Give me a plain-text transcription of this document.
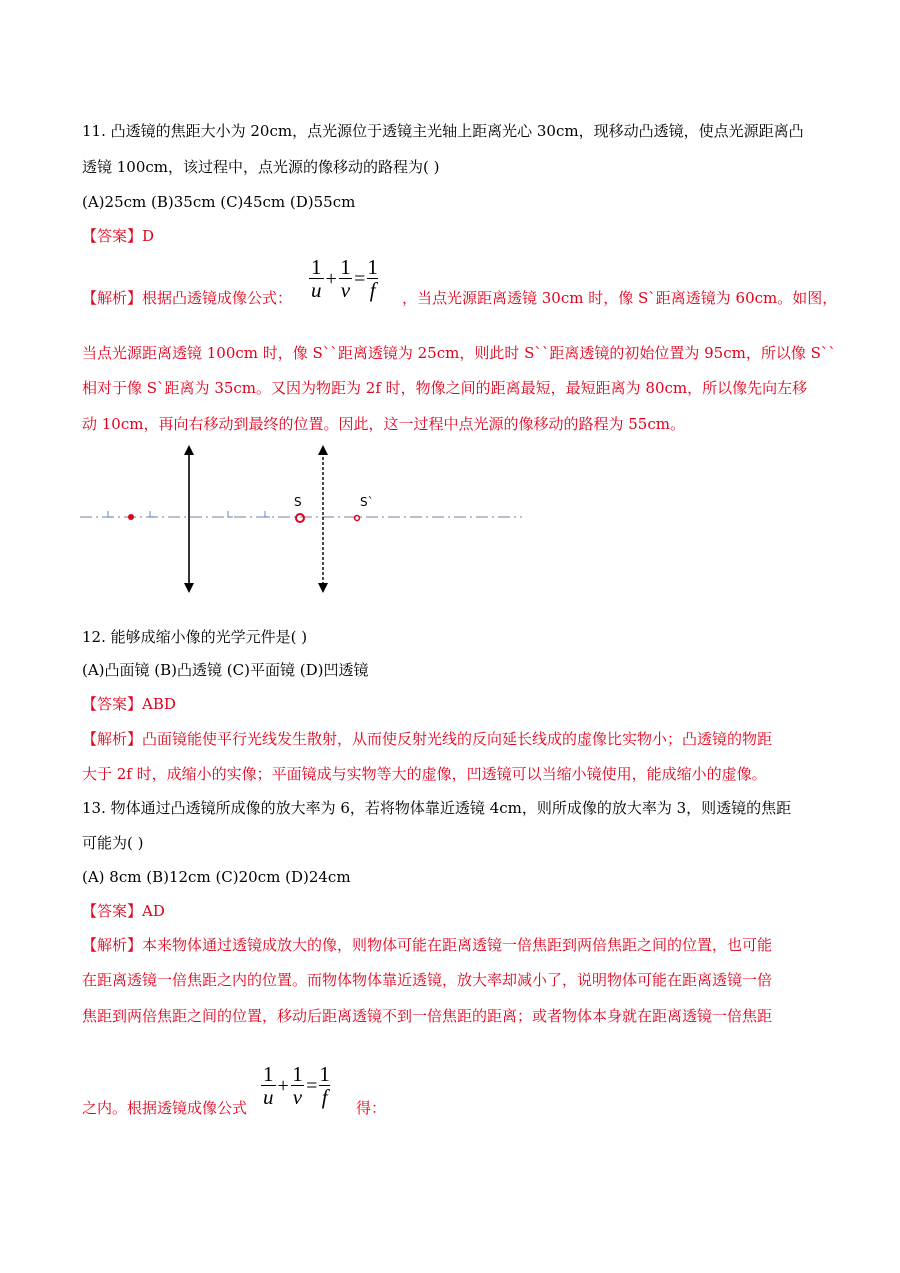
11. 凸透镜的焦距大小为 20cm，点光源位于透镜主光轴上距离光心 30cm，现移动凸透镜，使点光源距离凸
透镜 100cm，该过程中，点光源的像移动的路程为( )
(A)25cm (B)35cm (C)45cm (D)55cm
【答案】D
【解析】根据凸透镜成像公式： $\frac{1}{u} + \frac{1}{v} = \frac{1}{f}$ ，当点光源距离透镜 30cm 时，像 S`距离透镜为 60cm。如图，
当点光源距离透镜 100cm 时，像 S``距离透镜为 25cm，则此时 S``距离透镜的初始位置为 95cm，所以像 S``
相对于像 S`距离为 35cm。又因为物距为 2f 时，物像之间的距离最短，最短距离为 80cm，所以像先向左移
动 10cm，再向右移动到最终的位置。因此，这一过程中点光源的像移动的路程为 55cm。
S	S`
12. 能够成缩小像的光学元件是( )
(A)凸面镜 (B)凸透镜 (C)平面镜 (D)凹透镜
【答案】ABD
【解析】凸面镜能使平行光线发生散射，从而使反射光线的反向延长线成的虚像比实物小；凸透镜的物距
大于 2f 时，成缩小的实像；平面镜成与实物等大的虚像，凹透镜可以当缩小镜使用，能成缩小的虚像。
13. 物体通过凸透镜所成像的放大率为 6，若将物体靠近透镜 4cm，则所成像的放大率为 3，则透镜的焦距
可能为( )
(A) 8cm (B)12cm (C)20cm (D)24cm
【答案】AD
【解析】本来物体通过透镜成放大的像，则物体可能在距离透镜一倍焦距到两倍焦距之间的位置，也可能
在距离透镜一倍焦距之内的位置。而物体物体靠近透镜，放大率却减小了，说明物体可能在距离透镜一倍
焦距到两倍焦距之间的位置，移动后距离透镜不到一倍焦距的距离；或者物体本身就在距离透镜一倍焦距
之内。根据透镜成像公式 $\frac{1}{u} + \frac{1}{v} = \frac{1}{f}$ 得：
